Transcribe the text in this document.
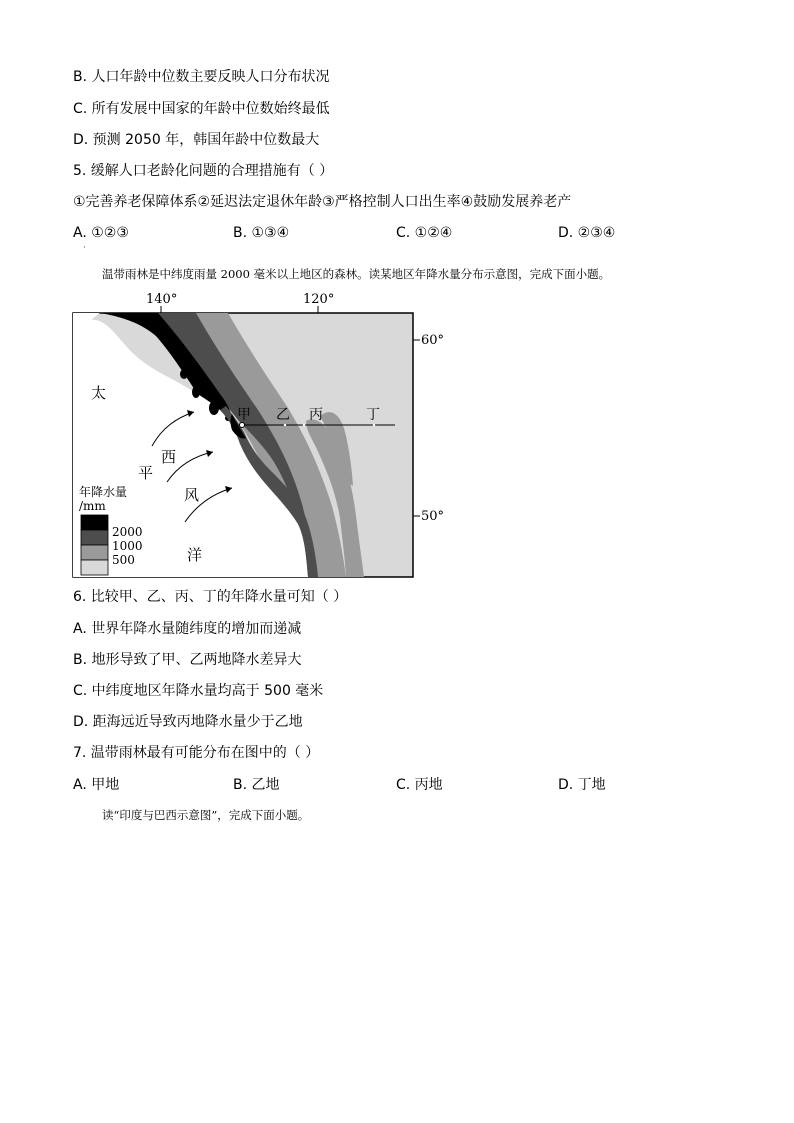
B. 人口年龄中位数主要反映人口分布状况
C. 所有发展中国家的年龄中位数始终最低
D. 预测 2050 年，韩国年龄中位数最大
5. 缓解人口老龄化问题的合理措施有（ ）
①完善养老保障体系②延迟法定退休年龄③严格控制人口出生率④鼓励发展养老产
A. ①②③	B. ①③④	C. ①②④	D. ②③④
·
温带雨林是中纬度雨量 2000 毫米以上地区的森林。读某地区年降水量分布示意图，完成下面小题。
140°	120°
60°
50°
太
平
洋
西
风
甲 乙 丙	丁
年降水量
/mm
2000
1000
500
6. 比较甲、乙、丙、丁的年降水量可知（ ）
A. 世界年降水量随纬度的增加而递减
B. 地形导致了甲、乙两地降水差异大
C. 中纬度地区年降水量均高于 500 毫米
D. 距海远近导致丙地降水量少于乙地
7. 温带雨林最有可能分布在图中的（ ）
A. 甲地	B. 乙地	C. 丙地	D. 丁地
读“印度与巴西示意图”，完成下面小题。
